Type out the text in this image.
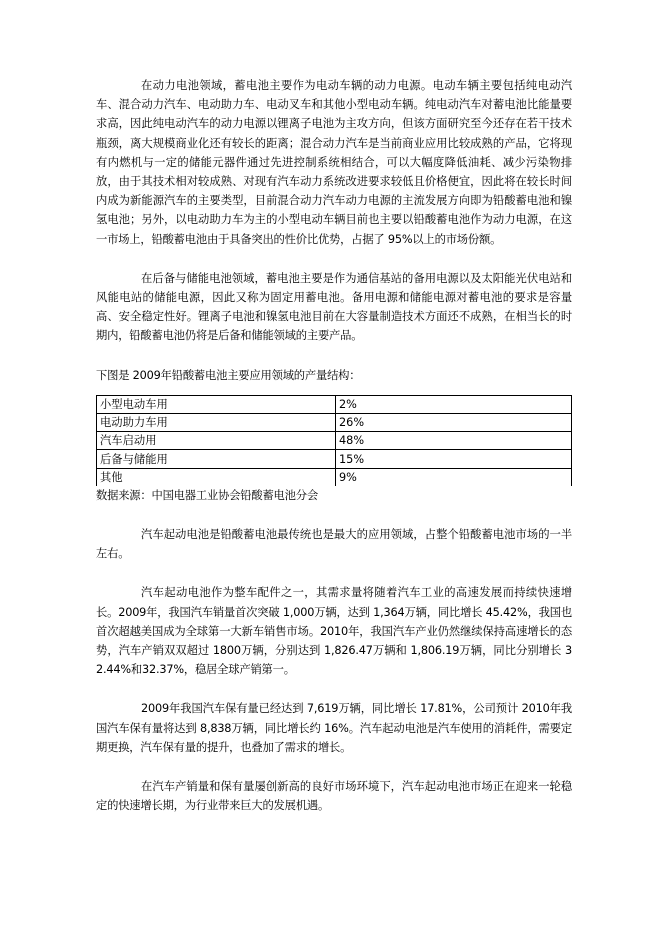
在动力电池领域，蓄电池主要作为电动车辆的动力电源。电动车辆主要包括纯电动汽车、混合动力汽车、电动助力车、电动叉车和其他小型电动车辆。纯电动汽车对蓄电池比能量要求高，因此纯电动汽车的动力电源以锂离子电池为主攻方向，但该方面研究至今还存在若干技术瓶颈，离大规模商业化还有较长的距离；混合动力汽车是当前商业应用比较成熟的产品，它将现有内燃机与一定的储能元器件通过先进控制系统相结合，可以大幅度降低油耗、减少污染物排放，由于其技术相对较成熟、对现有汽车动力系统改进要求较低且价格便宜，因此将在较长时间内成为新能源汽车的主要类型，目前混合动力汽车动力电源的主流发展方向即为铅酸蓄电池和镍氢电池；另外，以电动助力车为主的小型电动车辆目前也主要以铅酸蓄电池作为动力电源，在这一市场上，铅酸蓄电池由于具备突出的性价比优势，占据了 95%以上的市场份额。

在后备与储能电池领域，蓄电池主要是作为通信基站的备用电源以及太阳能光伏电站和风能电站的储能电源，因此又称为固定用蓄电池。备用电源和储能电源对蓄电池的要求是容量高、安全稳定性好。锂离子电池和镍氢电池目前在大容量制造技术方面还不成熟，在相当长的时期内，铅酸蓄电池仍将是后备和储能领域的主要产品。

下图是 2009年铅酸蓄电池主要应用领域的产量结构：

小型电动车用	2%
电动助力车用	26%
汽车启动用	48%
后备与储能用	15%
其他	9%

数据来源：中国电器工业协会铅酸蓄电池分会

汽车起动电池是铅酸蓄电池最传统也是最大的应用领域，占整个铅酸蓄电池市场的一半左右。

汽车起动电池作为整车配件之一，其需求量将随着汽车工业的高速发展而持续快速增长。2009年，我国汽车销量首次突破 1,000万辆，达到 1,364万辆，同比增长 45.42%，我国也首次超越美国成为全球第一大新车销售市场。2010年，我国汽车产业仍然继续保持高速增长的态势，汽车产销双双超过 1800万辆，分别达到 1,826.47万辆和 1,806.19万辆，同比分别增长 32.44%和32.37%，稳居全球产销第一。

2009年我国汽车保有量已经达到 7,619万辆，同比增长 17.81%，公司预计 2010年我国汽车保有量将达到 8,838万辆，同比增长约 16%。汽车起动电池是汽车使用的消耗件，需要定期更换，汽车保有量的提升，也叠加了需求的增长。

在汽车产销量和保有量屡创新高的良好市场环境下，汽车起动电池市场正在迎来一轮稳定的快速增长期，为行业带来巨大的发展机遇。
